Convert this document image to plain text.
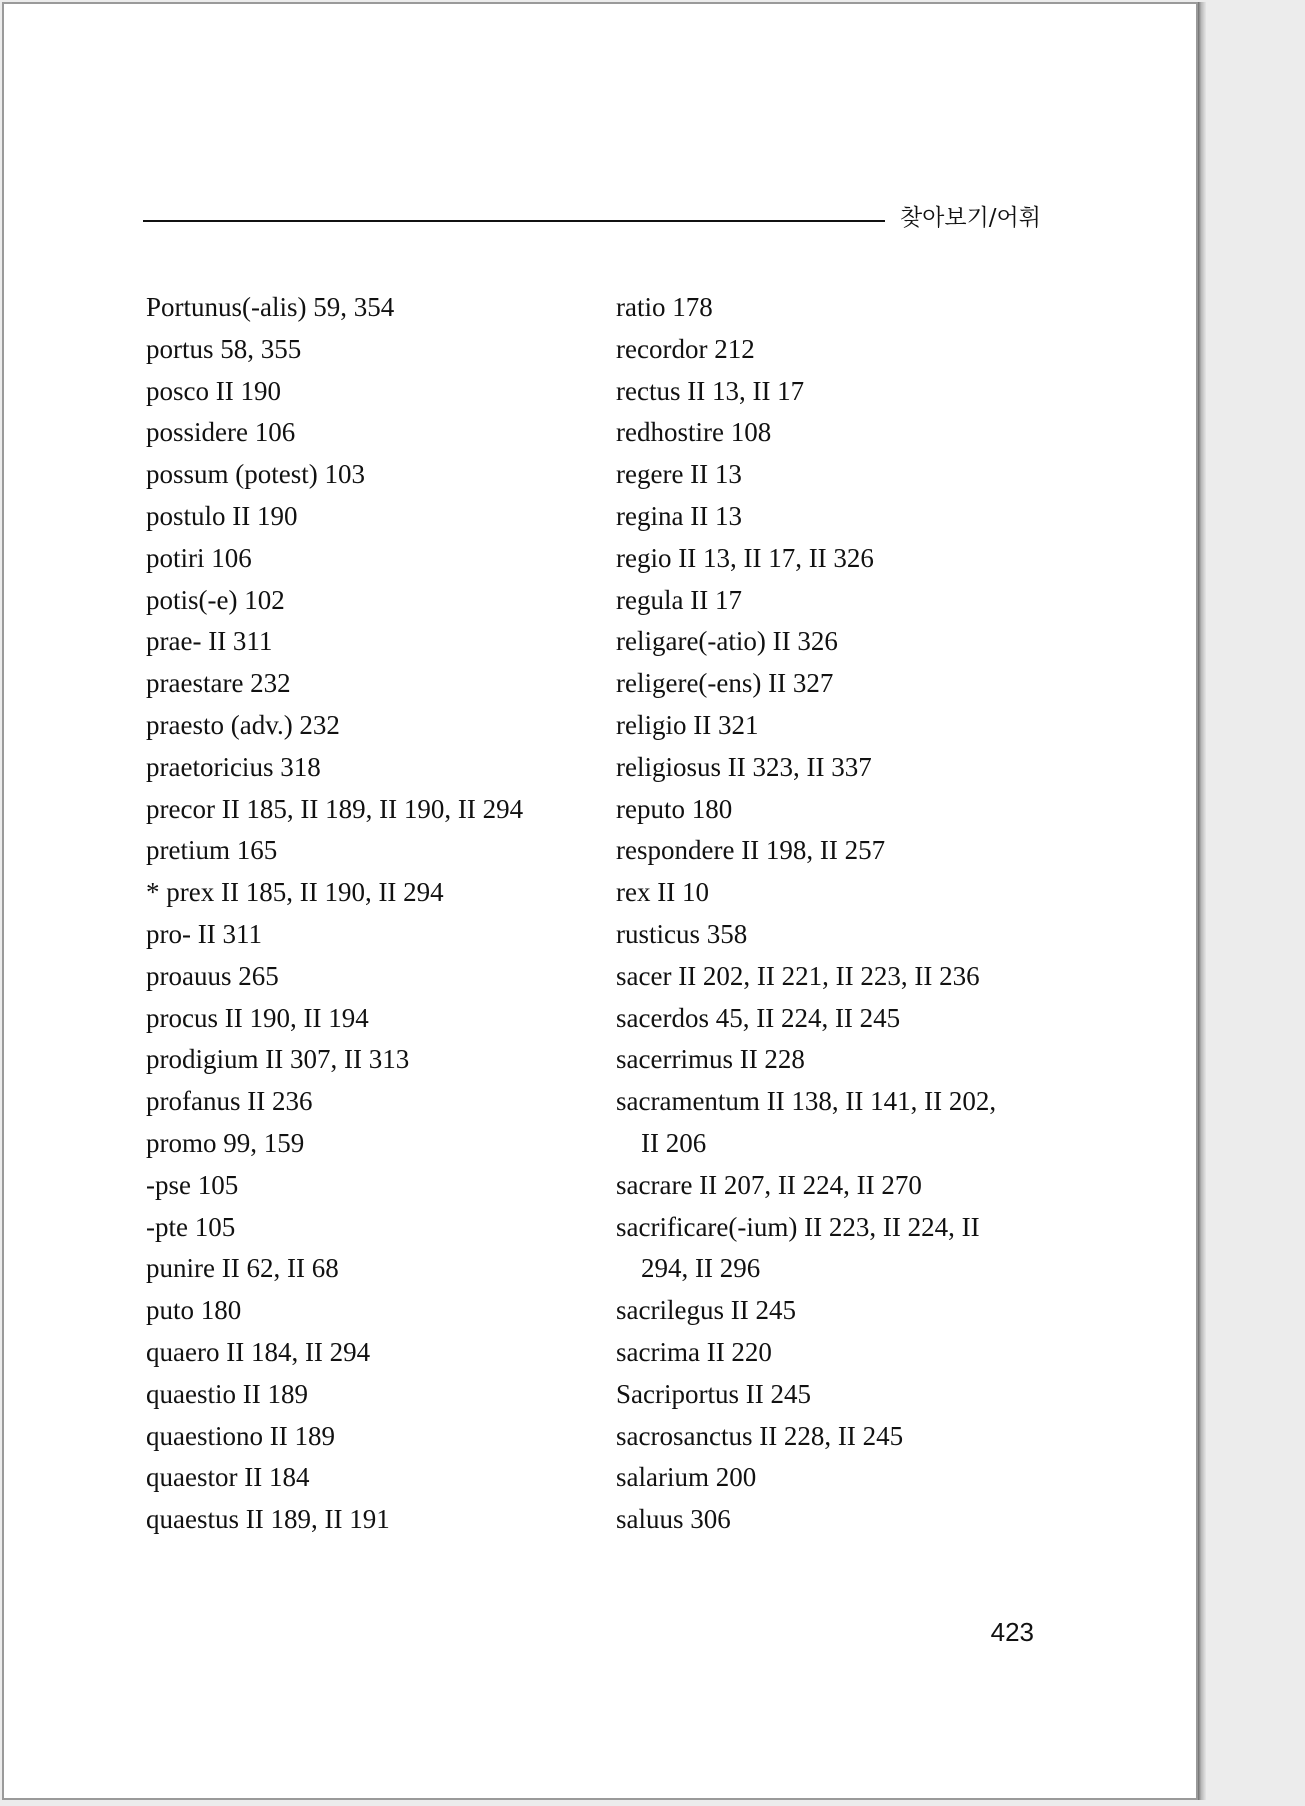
찾아보기/어휘
Portunus(-alis) 59, 354
portus 58, 355
posco II 190
possidere 106
possum (potest) 103
postulo II 190
potiri 106
potis(-e) 102
prae- II 311
praestare 232
praesto (adv.) 232
praetoricius 318
precor II 185, II 189, II 190, II 294
pretium 165
* prex II 185, II 190, II 294
pro- II 311
proauus 265
procus II 190, II 194
prodigium II 307, II 313
profanus II 236
promo 99, 159
-pse 105
-pte 105
punire II 62, II 68
puto 180
quaero II 184, II 294
quaestio II 189
quaestiono II 189
quaestor II 184
quaestus II 189, II 191
ratio 178
recordor 212
rectus II 13, II 17
redhostire 108
regere II 13
regina II 13
regio II 13, II 17, II 326
regula II 17
religare(-atio) II 326
religere(-ens) II 327
religio II 321
religiosus II 323, II 337
reputo 180
respondere II 198, II 257
rex II 10
rusticus 358
sacer II 202, II 221, II 223, II 236
sacerdos 45, II 224, II 245
sacerrimus II 228
sacramentum II 138, II 141, II 202,
II 206
sacrare II 207, II 224, II 270
sacrificare(-ium) II 223, II 224, II
294, II 296
sacrilegus II 245
sacrima II 220
Sacriportus II 245
sacrosanctus II 228, II 245
salarium 200
saluus 306
423
